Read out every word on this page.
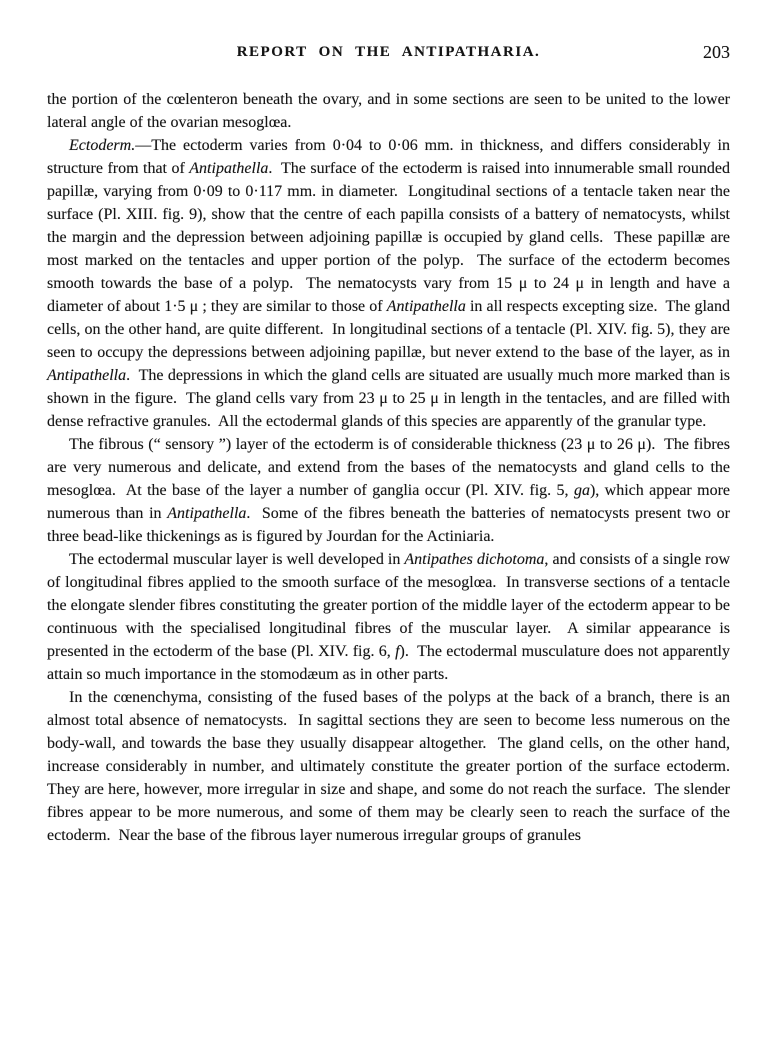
REPORT ON THE ANTIPATHARIA.	203

the portion of the cœlenteron beneath the ovary, and in some sections are seen to be united to the lower lateral angle of the ovarian mesoglœa.

Ectoderm.—The ectoderm varies from 0·04 to 0·06 mm. in thickness, and differs considerably in structure from that of Antipathella.  The surface of the ectoderm is raised into innumerable small rounded papillæ, varying from 0·09 to 0·117 mm. in diameter.  Longitudinal sections of a tentacle taken near the surface (Pl. XIII. fig. 9), show that the centre of each papilla consists of a battery of nematocysts, whilst the margin and the depression between adjoining papillæ is occupied by gland cells.  These papillæ are most marked on the tentacles and upper portion of the polyp.  The surface of the ectoderm becomes smooth towards the base of a polyp.  The nematocysts vary from 15 μ to 24 μ in length and have a diameter of about 1·5 μ ; they are similar to those of Antipathella in all respects excepting size.  The gland cells, on the other hand, are quite different.  In longitudinal sections of a tentacle (Pl. XIV. fig. 5), they are seen to occupy the depressions between adjoining papillæ, but never extend to the base of the layer, as in Antipathella.  The depressions in which the gland cells are situated are usually much more marked than is shown in the figure.  The gland cells vary from 23 μ to 25 μ in length in the tentacles, and are filled with dense refractive granules.  All the ectodermal glands of this species are apparently of the granular type.

The fibrous (“ sensory ”) layer of the ectoderm is of considerable thickness (23 μ to 26 μ).  The fibres are very numerous and delicate, and extend from the bases of the nematocysts and gland cells to the mesoglœa.  At the base of the layer a number of ganglia occur (Pl. XIV. fig. 5, ga), which appear more numerous than in Antipathella.  Some of the fibres beneath the batteries of nematocysts present two or three bead-like thickenings as is figured by Jourdan for the Actiniaria.

The ectodermal muscular layer is well developed in Antipathes dichotoma, and consists of a single row of longitudinal fibres applied to the smooth surface of the mesoglœa.  In transverse sections of a tentacle the elongate slender fibres constituting the greater portion of the middle layer of the ectoderm appear to be continuous with the specialised longitudinal fibres of the muscular layer.  A similar appearance is presented in the ectoderm of the base (Pl. XIV. fig. 6, f).  The ectodermal musculature does not apparently attain so much importance in the stomodæum as in other parts.

In the cœnenchyma, consisting of the fused bases of the polyps at the back of a branch, there is an almost total absence of nematocysts.  In sagittal sections they are seen to become less numerous on the body-wall, and towards the base they usually disappear altogether.  The gland cells, on the other hand, increase considerably in number, and ultimately constitute the greater portion of the surface ectoderm.  They are here, however, more irregular in size and shape, and some do not reach the surface.  The slender fibres appear to be more numerous, and some of them may be clearly seen to reach the surface of the ectoderm.  Near the base of the fibrous layer numerous irregular groups of granules
